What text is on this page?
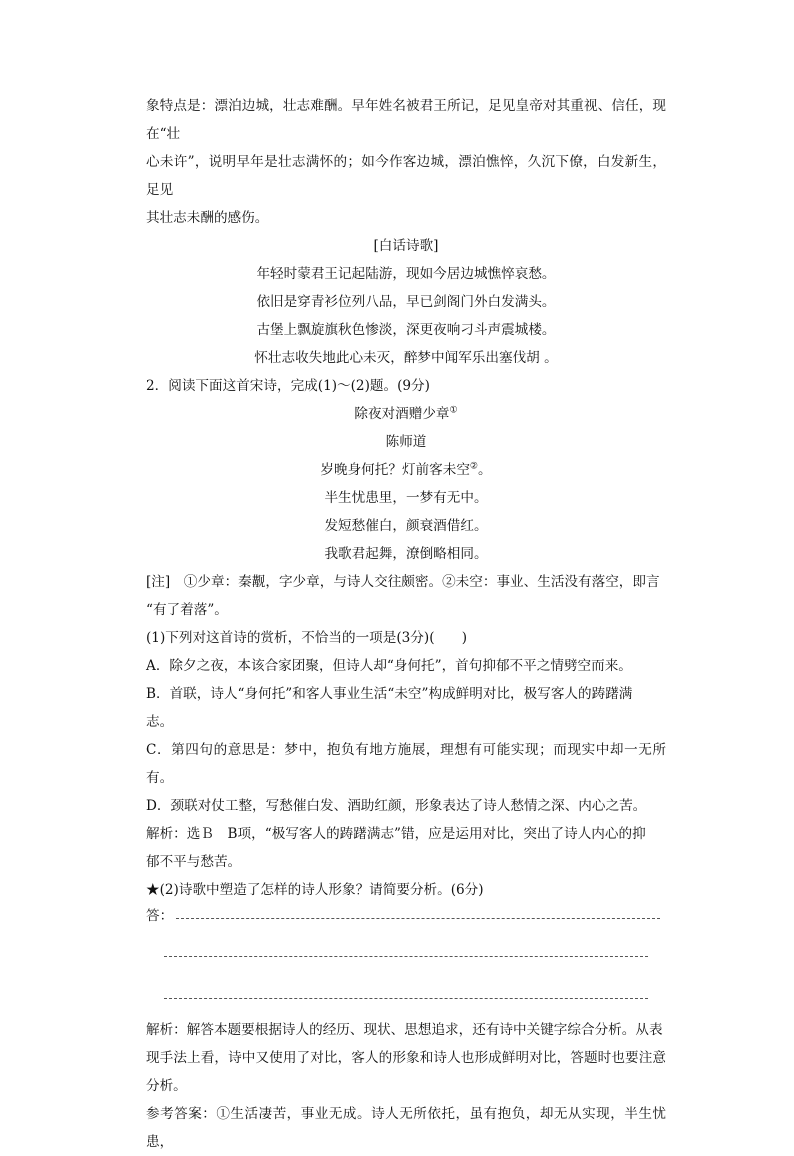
象特点是：漂泊边城，壮志难酬。早年姓名被君王所记，足见皇帝对其重视、信任，现在“壮

心未许”，说明早年是壮志满怀的；如今作客边城，漂泊憔悴，久沉下僚，白发新生，足见

其壮志未酬的感伤。

[白话诗歌]

年轻时蒙君王记起陆游，现如今居边城憔悴哀愁。

依旧是穿青衫位列八品，早已剑阁门外白发满头。

古堡上飘旋旗秋色惨淡，深更夜响刁斗声震城楼。

怀壮志收失地此心未灭，醉梦中闻军乐出塞伐胡 。

2．阅读下面这首宋诗，完成(1)～(2)题。(9分)

除夜对酒赠少章①

陈师道

岁晚身何托？灯前客未空②。

半生忧患里，一梦有无中。

发短愁催白，颜衰酒借红。

我歌君起舞，潦倒略相同。

[注]　①少章：秦觏，字少章，与诗人交往颇密。②未空：事业、生活没有落空，即言

“有了着落”。

(1)下列对这首诗的赏析，不恰当的一项是(3分)(　　)

A．除夕之夜，本该合家团聚，但诗人却“身何托”，首句抑郁不平之情劈空而来。

B．首联，诗人“身何托”和客人事业生活“未空”构成鲜明对比，极写客人的踌躇满

志。

C．第四句的意思是：梦中，抱负有地方施展，理想有可能实现；而现实中却一无所有。

D．颈联对仗工整，写愁催白发、酒助红颜，形象表达了诗人愁情之深、内心之苦。

解析：选Ｂ　B项，“极写客人的踌躇满志”错，应是运用对比，突出了诗人内心的抑

郁不平与愁苦。

★(2)诗歌中塑造了怎样的诗人形象？请简要分析。(6分)

答：

解析：解答本题要根据诗人的经历、现状、思想追求，还有诗中关键字综合分析。从表

现手法上看，诗中又使用了对比，客人的形象和诗人也形成鲜明对比，答题时也要注意分析。

参考答案：①生活凄苦，事业无成。诗人无所依托，虽有抱负，却无从实现，半生忧患，
